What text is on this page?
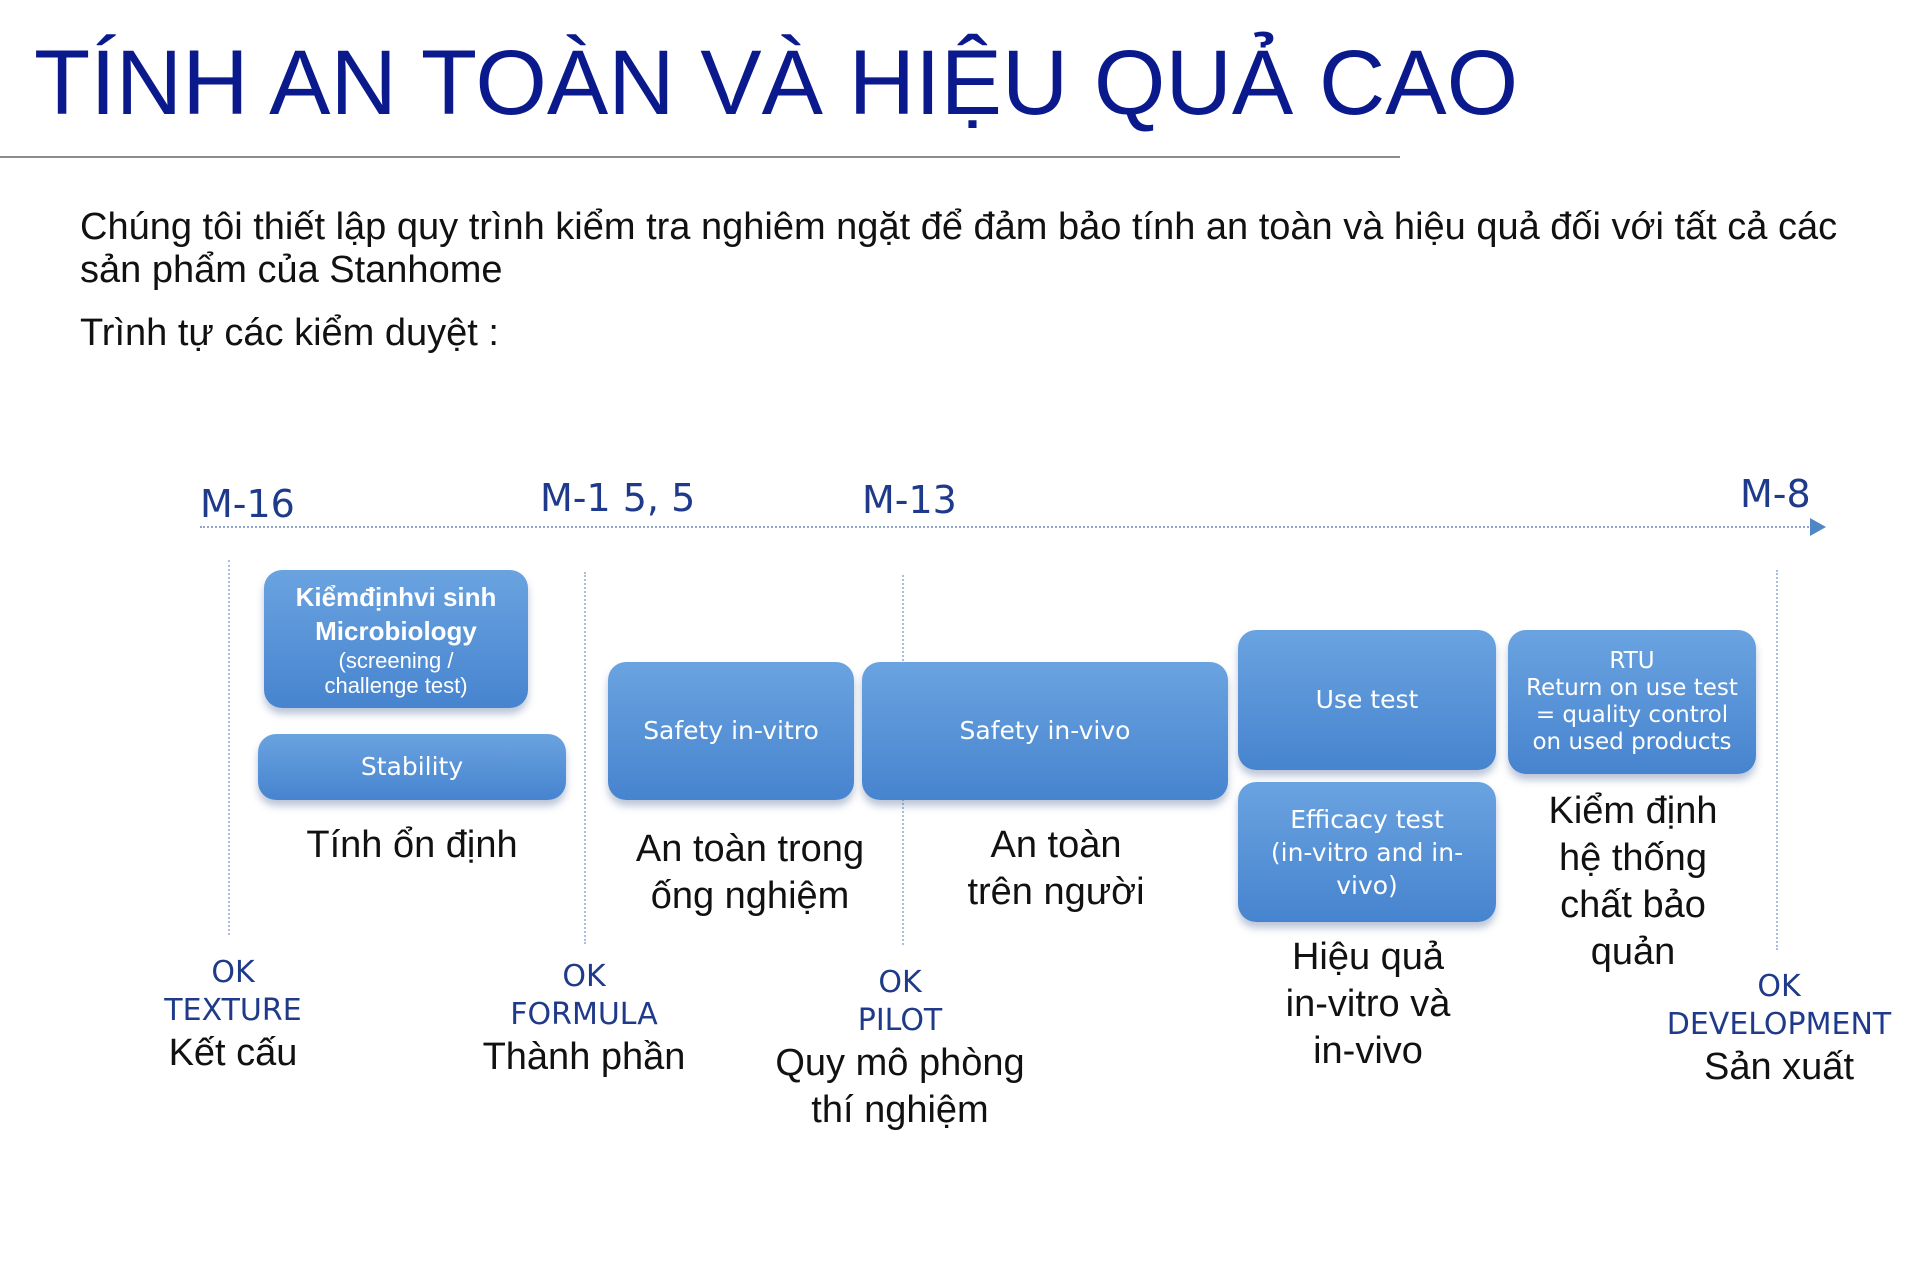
TÍNH AN TOÀN VÀ HIỆU QUẢ CAO
Chúng tôi thiết lập quy trình kiểm tra nghiêm ngặt để đảm bảo tính an toàn và hiệu quả đối với tất cả các sản phẩm của Stanhome
Trình tự các kiểm duyệt :
M-16	M-1 5, 5	M-13	M-8
Kiểmđịnhvi sinh
Microbiology
(screening /
challenge test)
Stability
Safety in-vitro	Safety in-vivo
Use test
Efficacy test
(in-vitro and in-
vivo)
RTU
Return on use test
= quality control
on used products
Tính ổn định	An toàn trong
ống nghiệm
An toàn
trên người
Hiệu quả
in-vitro và
in-vivo
Kiểm định
hệ thống
chất bảo
quản
OK
TEXTURE
Kết cấu
OK
FORMULA
Thành phần
OK
PILOT
Quy mô phòng
thí nghiệm
OK
DEVELOPMENT
Sản xuất
